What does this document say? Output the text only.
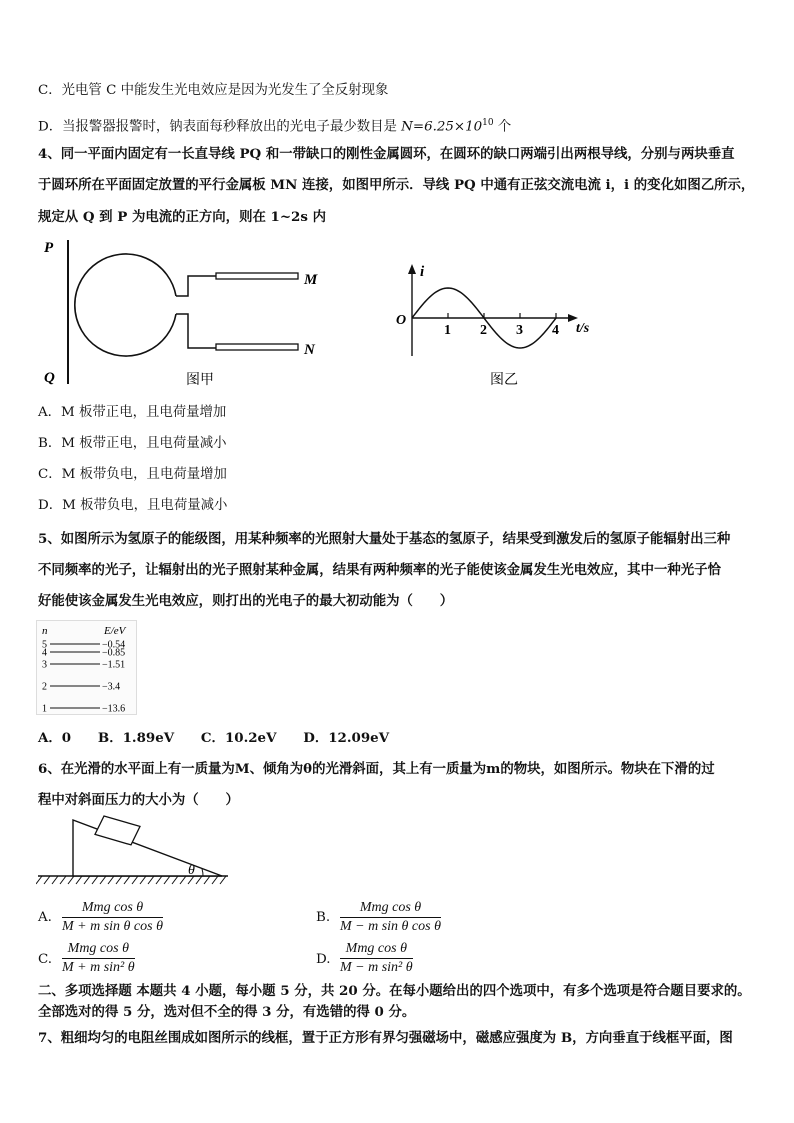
C．光电管 C 中能发生光电效应是因为光发生了全反射现象
D．当报警器报警时，钠表面每秒释放出的光电子最少数目是 $N=6.25\times 10^{10}$ 个
4、同一平面内固定有一长直导线 PQ 和一带缺口的刚性金属圆环，在圆环的缺口两端引出两根导线，分别与两块垂直
于圆环所在平面固定放置的平行金属板 MN 连接，如图甲所示．导线 PQ 中通有正弦交流电流 i，i 的变化如图乙所示，
规定从 Q 到 P 为电流的正方向，则在 1~2s 内
P
Q
M
N
图甲
i
t/s
O
1 2 3 4
图乙
A．M 板带正电，且电荷量增加
B．M 板带正电，且电荷量减小
C．M 板带负电，且电荷量增加
D．M 板带负电，且电荷量减小
5、如图所示为氢原子的能级图，用某种频率的光照射大量处于基态的氢原子，结果受到激发后的氢原子能辐射出三种
不同频率的光子，让辐射出的光子照射某种金属，结果有两种频率的光子能使该金属发生光电效应，其中一种光子恰
好能使该金属发生光电效应，则打出的光电子的最大初动能为（　　）
n	E/eV
5	−0.54
4	−0.85
3	−1.51
2	−3.4
1	−13.6
A．0　　B．1.89eV　　C．10.2eV　　D．12.09eV
6、在光滑的水平面上有一质量为M、倾角为θ的光滑斜面，其上有一质量为m的物块，如图所示。物块在下滑的过
程中对斜面压力的大小为（　　）
θ
A.
Mmg cos θ
M + m sin θ cos θ
B.
Mmg cos θ
M − m sin θ cos θ
C.
Mmg cos θ
M + m sin² θ
D.
Mmg cos θ
M − m sin² θ
二、多项选择题 本题共 4 小题，每小题 5 分，共 20 分。在每小题给出的四个选项中，有多个选项是符合题目要求的。
全部选对的得 5 分，选对但不全的得 3 分，有选错的得 0 分。
7、粗细均匀的电阻丝围成如图所示的线框，置于正方形有界匀强磁场中，磁感应强度为 B，方向垂直于线框平面，图
